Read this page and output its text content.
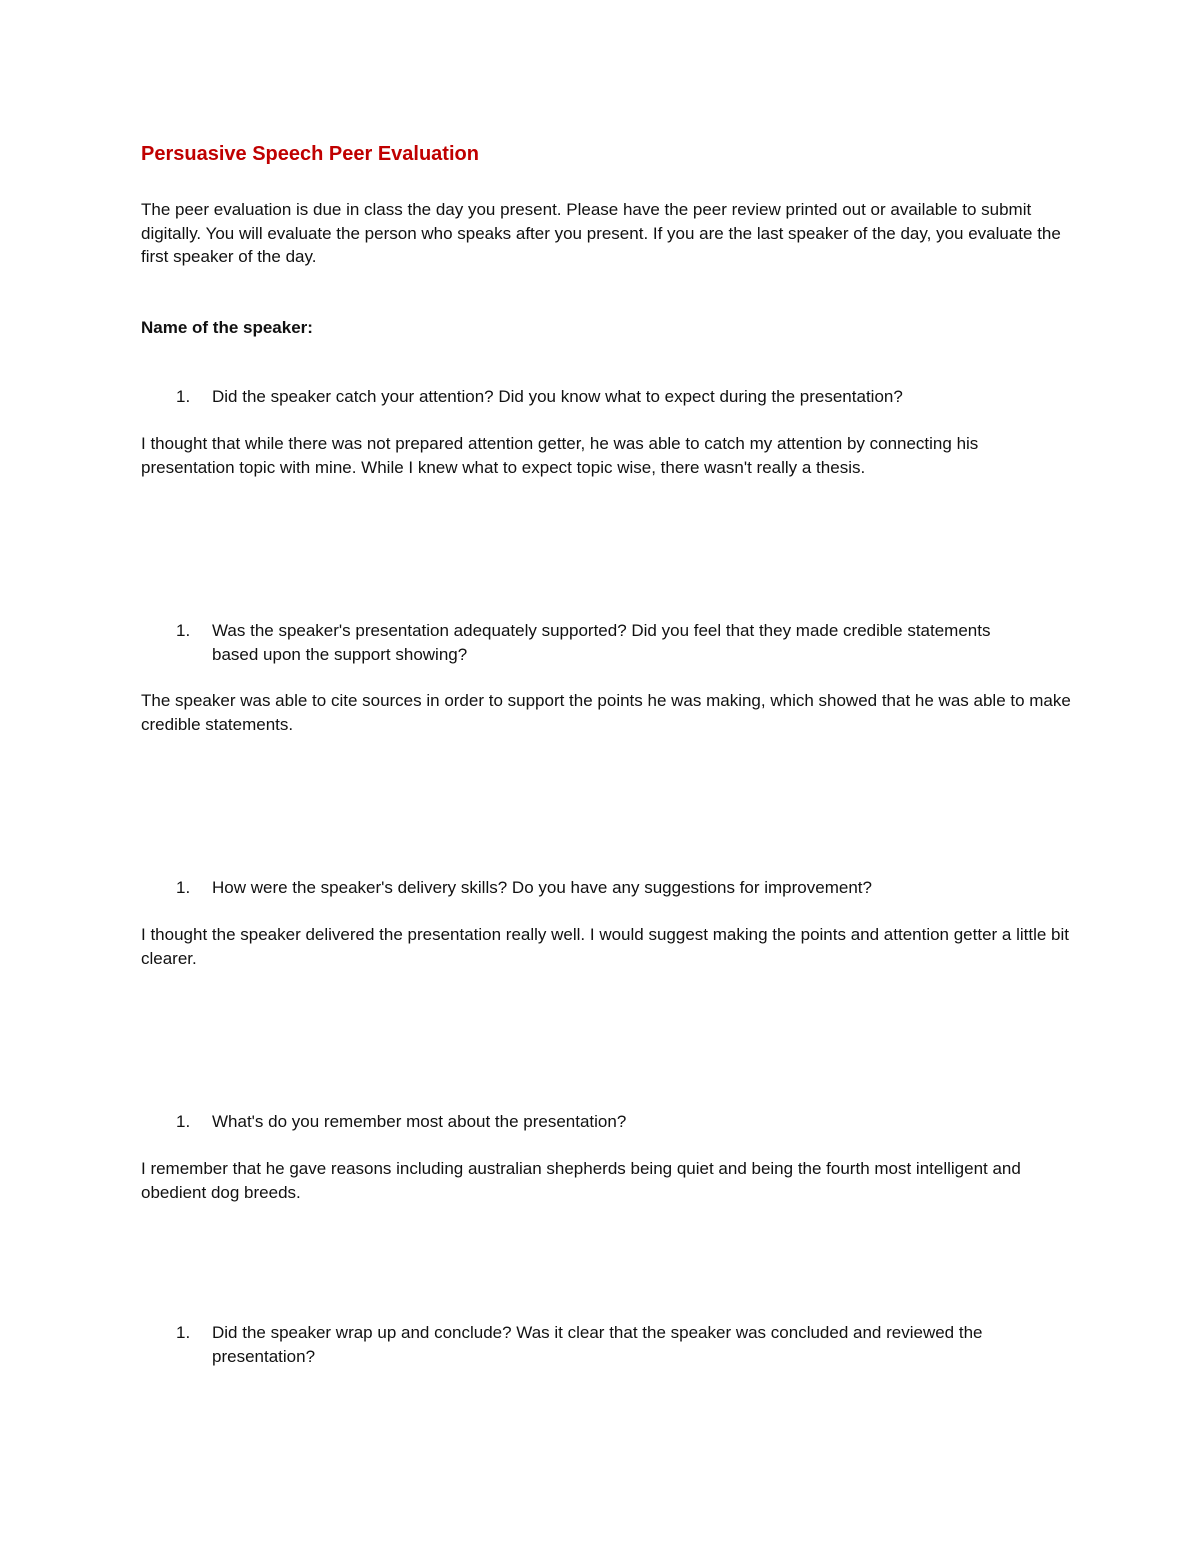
Persuasive Speech Peer Evaluation
The peer evaluation is due in class the day you present. Please have the peer review printed out or available to submit digitally. You will evaluate the person who speaks after you present. If you are the last speaker of the day, you evaluate the first speaker of the day.
Name of the speaker:
1. Did the speaker catch your attention? Did you know what to expect during the presentation?
I thought that while there was not prepared attention getter, he was able to catch my attention by connecting his presentation topic with mine. While I knew what to expect topic wise, there wasn't really a thesis.
1. Was the speaker's presentation adequately supported? Did you feel that they made credible statements based upon the support showing?
The speaker was able to cite sources in order to support the points he was making, which showed that he was able to make credible statements.
1. How were the speaker's delivery skills? Do you have any suggestions for improvement?
I thought the speaker delivered the presentation really well. I would suggest making the points and attention getter a little bit clearer.
1. What's do you remember most about the presentation?
I remember that he gave reasons including australian shepherds being quiet and being the fourth most intelligent and obedient dog breeds.
1. Did the speaker wrap up and conclude? Was it clear that the speaker was concluded and reviewed the presentation?
